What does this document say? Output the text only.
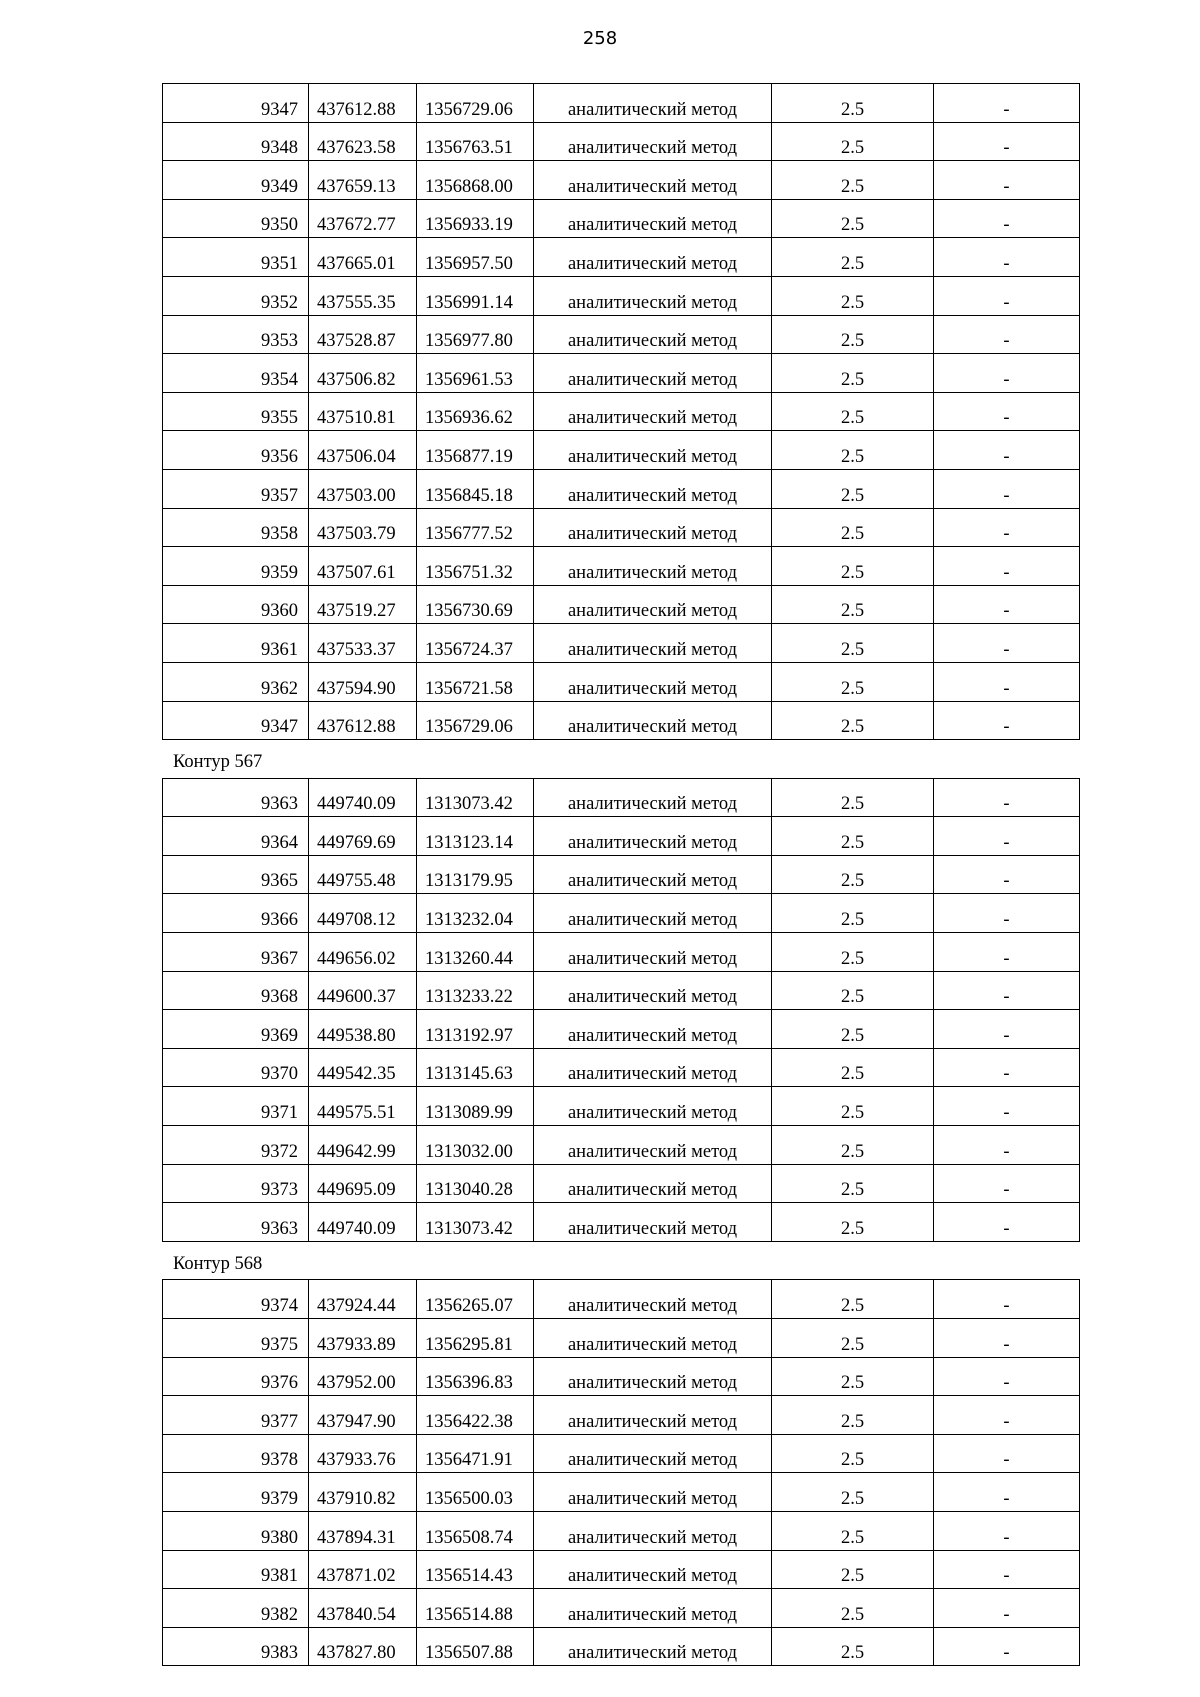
258
9347	437612.88	1356729.06	аналитический метод	2.5	-
9348	437623.58	1356763.51	аналитический метод	2.5	-
9349	437659.13	1356868.00	аналитический метод	2.5	-
9350	437672.77	1356933.19	аналитический метод	2.5	-
9351	437665.01	1356957.50	аналитический метод	2.5	-
9352	437555.35	1356991.14	аналитический метод	2.5	-
9353	437528.87	1356977.80	аналитический метод	2.5	-
9354	437506.82	1356961.53	аналитический метод	2.5	-
9355	437510.81	1356936.62	аналитический метод	2.5	-
9356	437506.04	1356877.19	аналитический метод	2.5	-
9357	437503.00	1356845.18	аналитический метод	2.5	-
9358	437503.79	1356777.52	аналитический метод	2.5	-
9359	437507.61	1356751.32	аналитический метод	2.5	-
9360	437519.27	1356730.69	аналитический метод	2.5	-
9361	437533.37	1356724.37	аналитический метод	2.5	-
9362	437594.90	1356721.58	аналитический метод	2.5	-
9347	437612.88	1356729.06	аналитический метод	2.5	-
Контур 567
9363	449740.09	1313073.42	аналитический метод	2.5	-
9364	449769.69	1313123.14	аналитический метод	2.5	-
9365	449755.48	1313179.95	аналитический метод	2.5	-
9366	449708.12	1313232.04	аналитический метод	2.5	-
9367	449656.02	1313260.44	аналитический метод	2.5	-
9368	449600.37	1313233.22	аналитический метод	2.5	-
9369	449538.80	1313192.97	аналитический метод	2.5	-
9370	449542.35	1313145.63	аналитический метод	2.5	-
9371	449575.51	1313089.99	аналитический метод	2.5	-
9372	449642.99	1313032.00	аналитический метод	2.5	-
9373	449695.09	1313040.28	аналитический метод	2.5	-
9363	449740.09	1313073.42	аналитический метод	2.5	-
Контур 568
9374	437924.44	1356265.07	аналитический метод	2.5	-
9375	437933.89	1356295.81	аналитический метод	2.5	-
9376	437952.00	1356396.83	аналитический метод	2.5	-
9377	437947.90	1356422.38	аналитический метод	2.5	-
9378	437933.76	1356471.91	аналитический метод	2.5	-
9379	437910.82	1356500.03	аналитический метод	2.5	-
9380	437894.31	1356508.74	аналитический метод	2.5	-
9381	437871.02	1356514.43	аналитический метод	2.5	-
9382	437840.54	1356514.88	аналитический метод	2.5	-
9383	437827.80	1356507.88	аналитический метод	2.5	-
